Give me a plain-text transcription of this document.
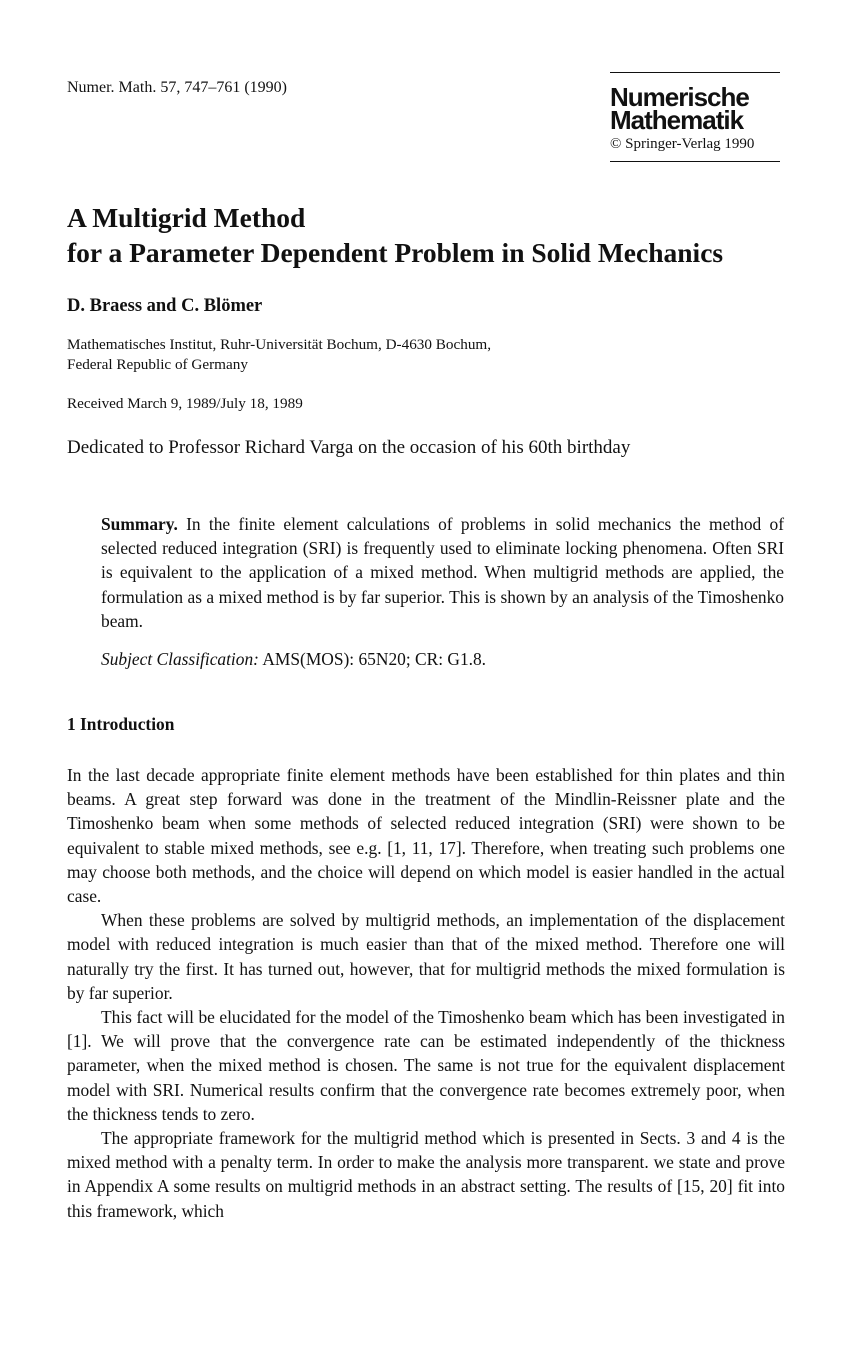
Numer. Math. 57, 747–761 (1990)	Numerische
Mathematik
© Springer-Verlag 1990
A Multigrid Method
for a Parameter Dependent Problem in Solid Mechanics
D. Braess and C. Blömer
Mathematisches Institut, Ruhr-Universität Bochum, D-4630 Bochum,
Federal Republic of Germany
Received March 9, 1989/July 18, 1989
Dedicated to Professor Richard Varga on the occasion of his 60th birthday
Summary. In the finite element calculations of problems in solid mechanics the method of selected reduced integration (SRI) is frequently used to eliminate locking phenomena. Often SRI is equivalent to the application of a mixed method. When multigrid methods are applied, the formulation as a mixed method is by far superior. This is shown by an analysis of the Timoshenko beam.
Subject Classification: AMS(MOS): 65N20; CR: G1.8.
1 Introduction

In the last decade appropriate finite element methods have been established for thin plates and thin beams. A great step forward was done in the treatment of the Mindlin-Reissner plate and the Timoshenko beam when some methods of selected reduced integration (SRI) were shown to be equivalent to stable mixed methods, see e.g. [1, 11, 17]. Therefore, when treating such problems one may choose both methods, and the choice will depend on which model is easier handled in the actual case.

When these problems are solved by multigrid methods, an implementation of the displacement model with reduced integration is much easier than that of the mixed method. Therefore one will naturally try the first. It has turned out, however, that for multigrid methods the mixed formulation is by far superior.

This fact will be elucidated for the model of the Timoshenko beam which has been investigated in [1]. We will prove that the convergence rate can be estimated independently of the thickness parameter, when the mixed method is chosen. The same is not true for the equivalent displacement model with SRI. Numerical results confirm that the convergence rate becomes extremely poor, when the thickness tends to zero.

The appropriate framework for the multigrid method which is presented in Sects. 3 and 4 is the mixed method with a penalty term. In order to make the analysis more transparent. we state and prove in Appendix A some results on multigrid methods in an abstract setting. The results of [15, 20] fit into this framework, which
